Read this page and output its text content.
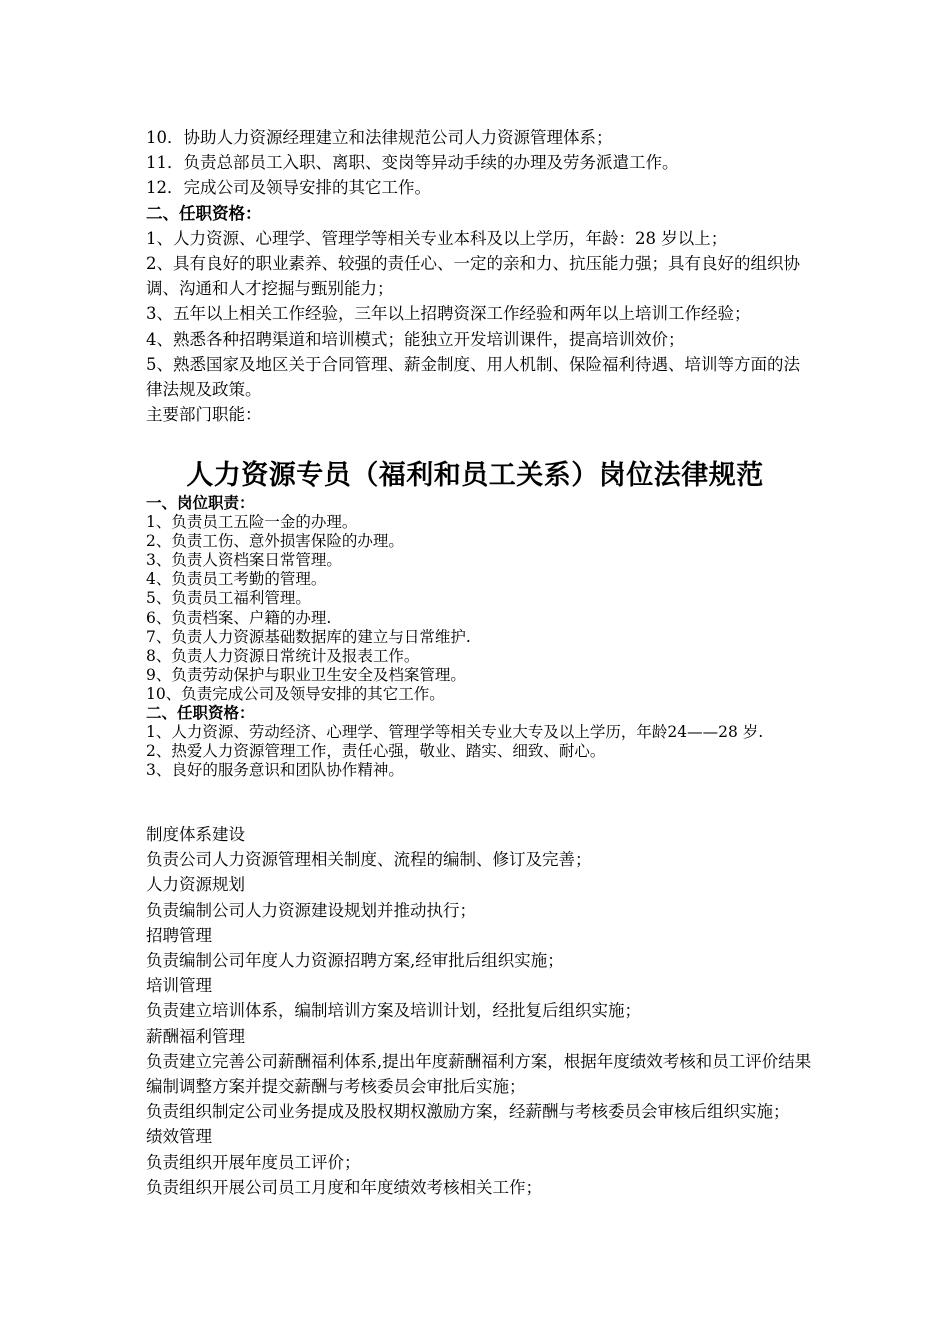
10．协助人力资源经理建立和法律规范公司人力资源管理体系；

11．负责总部员工入职、离职、变岗等异动手续的办理及劳务派遣工作。

12．完成公司及领导安排的其它工作。

二、任职资格：

1、人力资源、心理学、管理学等相关专业本科及以上学历，年龄：28 岁以上；

2、具有良好的职业素养、较强的责任心、一定的亲和力、抗压能力强；具有良好的组织协调、沟通和人才挖掘与甄别能力；

3、五年以上相关工作经验，三年以上招聘资深工作经验和两年以上培训工作经验；

4、熟悉各种招聘渠道和培训模式；能独立开发培训课件，提高培训效价；

5、熟悉国家及地区关于合同管理、薪金制度、用人机制、保险福利待遇、培训等方面的法律法规及政策。

主要部门职能：

人力资源专员（福利和员工关系）岗位法律规范
一、岗位职责：

1、负责员工五险一金的办理。

2、负责工伤、意外损害保险的办理。

3、负责人资档案日常管理。

4、负责员工考勤的管理。

5、负责员工福利管理。

6、负责档案、户籍的办理.

7、负责人力资源基础数据库的建立与日常维护.

8、负责人力资源日常统计及报表工作。

9、负责劳动保护与职业卫生安全及档案管理。

10、负责完成公司及领导安排的其它工作。

二、任职资格：

1、人力资源、劳动经济、心理学、管理学等相关专业大专及以上学历，年龄24——28 岁.

2、热爱人力资源管理工作，责任心强，敬业、踏实、细致、耐心。

3、良好的服务意识和团队协作精神。

制度体系建设

负责公司人力资源管理相关制度、流程的编制、修订及完善；

人力资源规划

负责编制公司人力资源建设规划并推动执行；

招聘管理

负责编制公司年度人力资源招聘方案,经审批后组织实施；

培训管理

负责建立培训体系，编制培训方案及培训计划，经批复后组织实施；

薪酬福利管理

负责建立完善公司薪酬福利体系,提出年度薪酬福利方案，根据年度绩效考核和员工评价结果编制调整方案并提交薪酬与考核委员会审批后实施；

负责组织制定公司业务提成及股权期权激励方案，经薪酬与考核委员会审核后组织实施；

绩效管理

负责组织开展年度员工评价；

负责组织开展公司员工月度和年度绩效考核相关工作；
